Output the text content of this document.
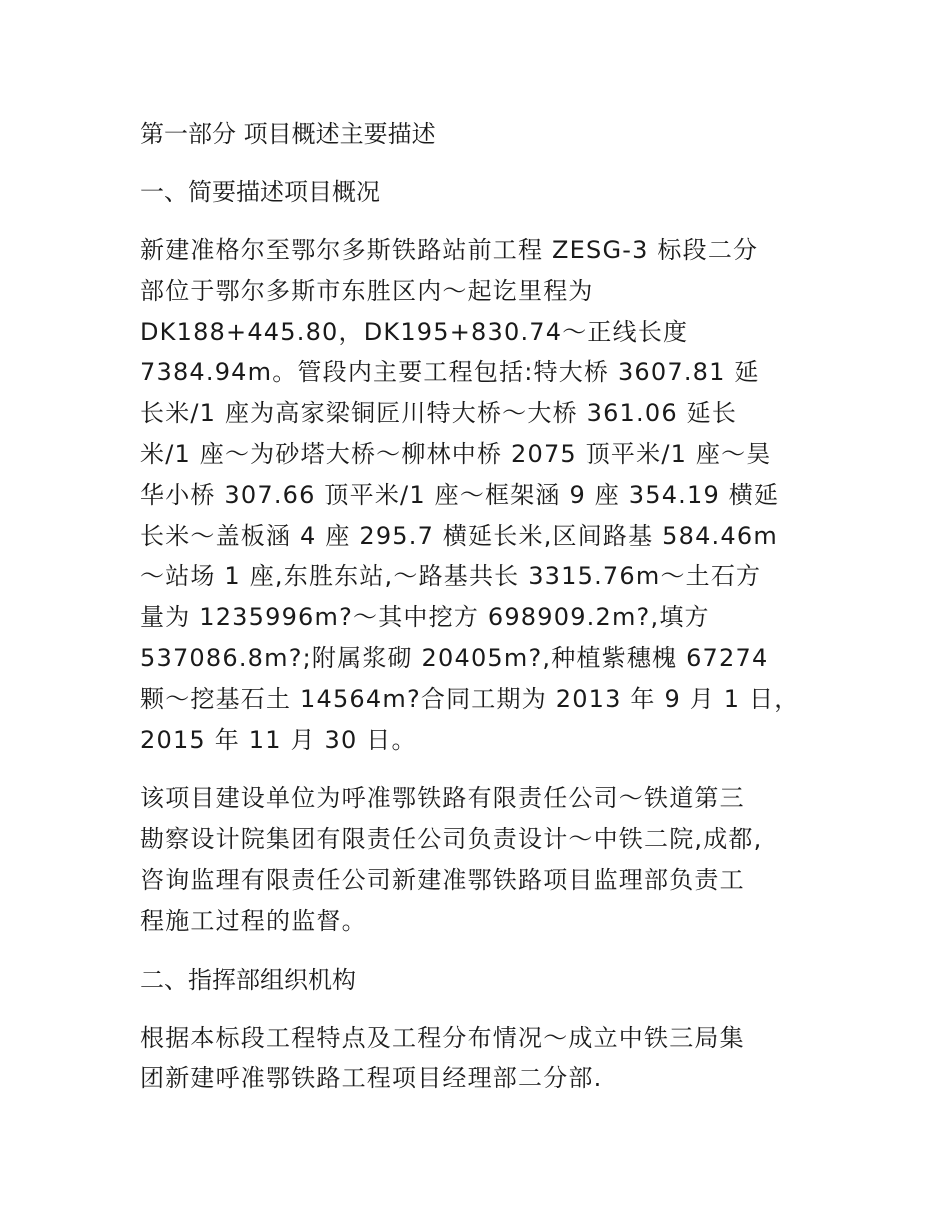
第一部分 项目概述主要描述
一、简要描述项目概况
新建准格尔至鄂尔多斯铁路站前工程 ZESG-3 标段二分
部位于鄂尔多斯市东胜区内～起讫里程为
DK188+445.80，DK195+830.74～正线长度
7384.94m。管段内主要工程包括:特大桥 3607.81 延
长米/1 座为高家梁铜匠川特大桥～大桥 361.06 延长
米/1 座～为砂塔大桥～柳林中桥 2075 顶平米/1 座～昊
华小桥 307.66 顶平米/1 座～框架涵 9 座 354.19 横延
长米～盖板涵 4 座 295.7 横延长米,区间路基 584.46m
～站场 1 座,东胜东站,～路基共长 3315.76m～土石方
量为 1235996m?～其中挖方 698909.2m?,填方
537086.8m?;附属浆砌 20405m?,种植紫穗槐 67274
颗～挖基石土 14564m?合同工期为 2013 年 9 月 1 日，
2015 年 11 月 30 日。
该项目建设单位为呼准鄂铁路有限责任公司～铁道第三
勘察设计院集团有限责任公司负责设计～中铁二院,成都,
咨询监理有限责任公司新建准鄂铁路项目监理部负责工
程施工过程的监督。
二、指挥部组织机构
根据本标段工程特点及工程分布情况～成立中铁三局集
团新建呼准鄂铁路工程项目经理部二分部.
